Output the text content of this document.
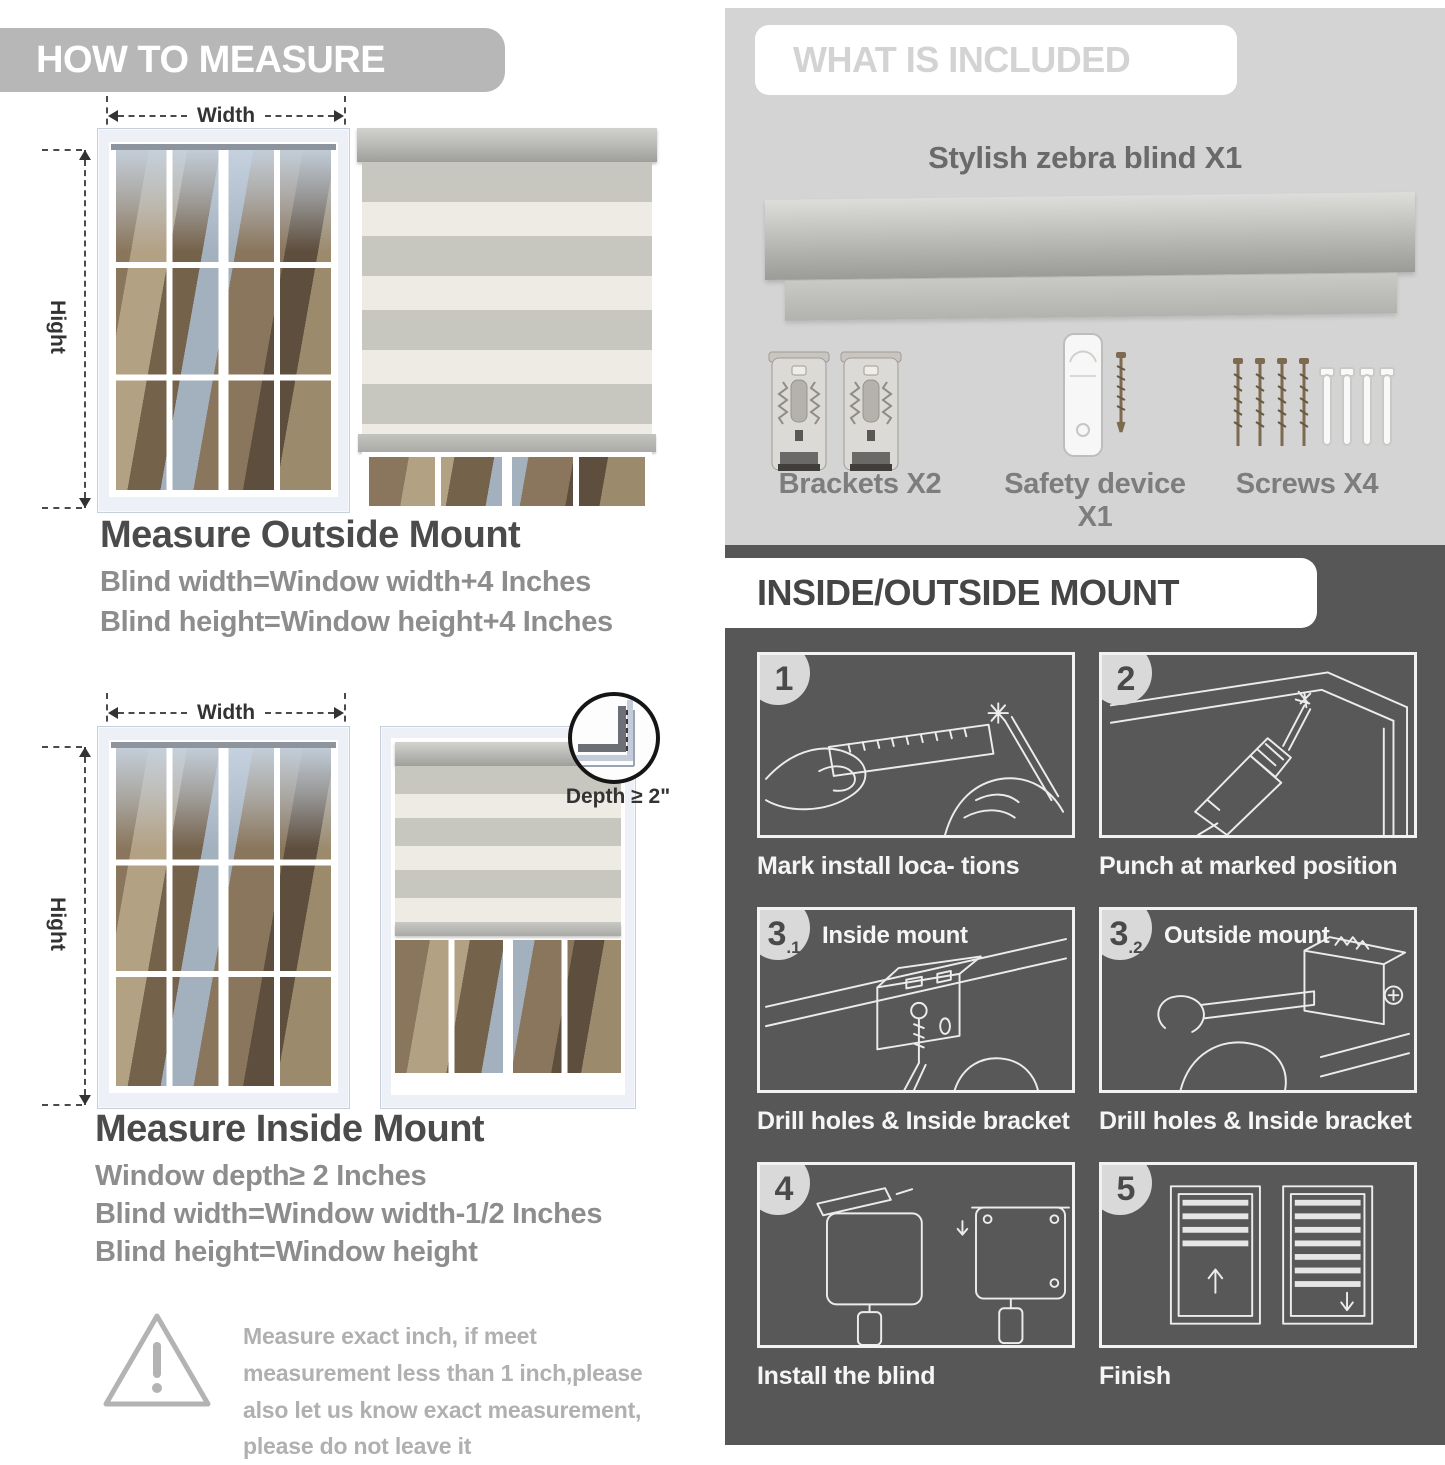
HOW TO MEASURE
Width
Hight
Measure Outside Mount
Blind width=Window width+4 Inches
Blind height=Window height+4 Inches
Width
Hight
Depth ≥ 2"
Measure Inside Mount
Window depth≥ 2 Inches
Blind width=Window width-1/2 Inches
Blind height=Window height
Measure exact inch, if meet measurement less than 1 inch,please also let us know exact measurement, please do not leave it
WHAT IS INCLUDED
Stylish zebra blind X1
Brackets X2	Safety device X1
Screws X4
INSIDE/OUTSIDE MOUNT
1
Mark install loca- tions
2
Punch at marked position
3 .1 Inside mount
Drill holes & Inside bracket
3 .2 Outside mount
Drill holes & Inside bracket
4
Install the blind
5
Finish
